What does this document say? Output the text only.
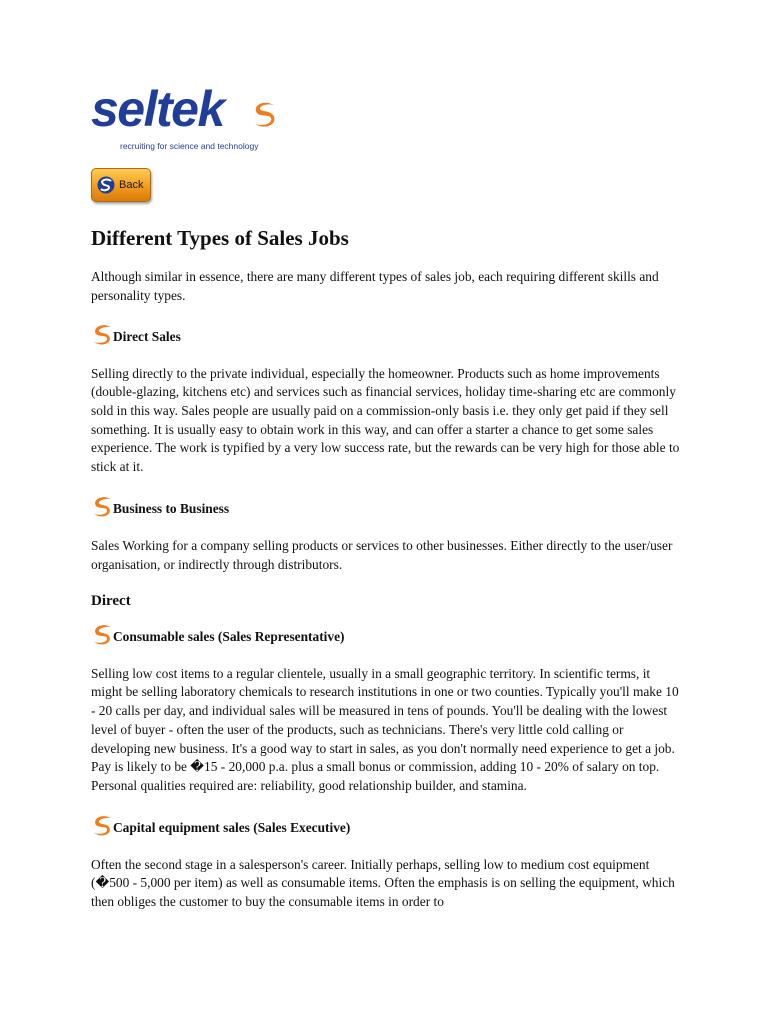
seltek
recruiting for science and technology
Back
Different Types of Sales Jobs

Although similar in essence, there are many different types of sales job, each requiring different skills and personality types.

Direct Sales

Selling directly to the private individual, especially the homeowner. Products such as home improvements (double-glazing, kitchens etc) and services such as financial services, holiday time-sharing etc are commonly sold in this way. Sales people are usually paid on a commission-only basis i.e. they only get paid if they sell something. It is usually easy to obtain work in this way, and can offer a starter a chance to get some sales experience. The work is typified by a very low success rate, but the rewards can be very high for those able to stick at it.

Business to Business

Sales Working for a company selling products or services to other businesses. Either directly to the user/user organisation, or indirectly through distributors.

Direct
Consumable sales (Sales Representative)

Selling low cost items to a regular clientele, usually in a small geographic territory. In scientific terms, it might be selling laboratory chemicals to research institutions in one or two counties. Typically you'll make 10 - 20 calls per day, and individual sales will be measured in tens of pounds. You'll be dealing with the lowest level of buyer - often the user of the products, such as technicians. There's very little cold calling or developing new business. It's a good way to start in sales, as you don't normally need experience to get a job. Pay is likely to be �15 - 20,000 p.a. plus a small bonus or commission, adding 10 - 20% of salary on top. Personal qualities required are: reliability, good relationship builder, and stamina.

Capital equipment sales (Sales Executive)

Often the second stage in a salesperson's career. Initially perhaps, selling low to medium cost equipment (�500 - 5,000 per item) as well as consumable items. Often the emphasis is on selling the equipment, which then obliges the customer to buy the consumable items in order to
